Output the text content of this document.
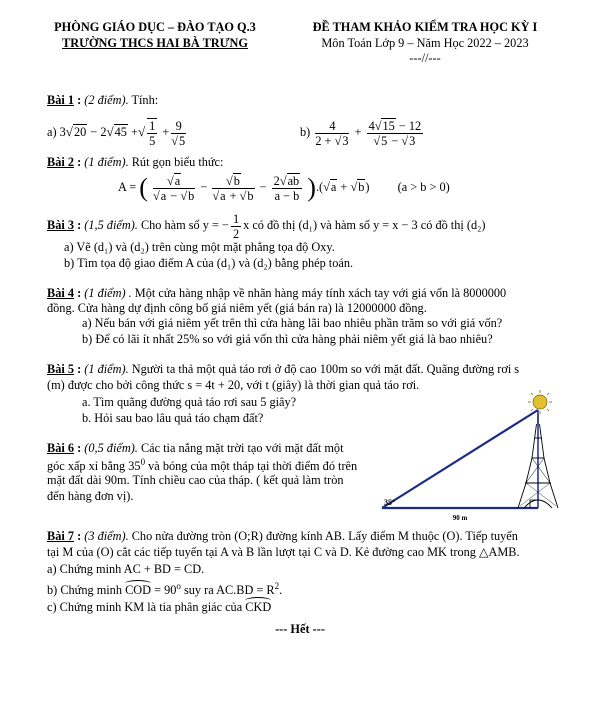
PHÒNG GIÁO DỤC – ĐÀO TẠO Q.3
TRƯỜNG THCS HAI BÀ TRƯNG
ĐỀ THAM KHẢO KIỂM TRA HỌC KỲ I
Môn Toán Lớp 9 – Năm Học 2022 – 2023
---//---
Bài 1 : (2 điểm). Tính:
a) 3√20 − 2√45 +√ $\frac{1}{5} + \frac{9}{√5}$	$b) \frac{4}{2 + √3} + \frac{4√15 - 12}{√5 - √3}$
Bài 2 : (1 điểm). Rút gọn biểu thức:
A = ( $\frac{√a}{√a - √b} - \frac{√b}{√a + √b} - \frac{2√ab}{a - b} ).(√a + √b)$  (a > b > 0)
Bài 3 : (1,5 điểm). Cho hàm số y = − $\frac{1}{2}$ x có đồ thị (d₁) và hàm số y = x − 3 có đồ thị (d₂)
a) Vẽ (d₁) và (d₂) trên cùng một mặt phẳng tọa độ Oxy.
b) Tìm tọa độ giao điểm A của (d₁) và (d₂) bằng phép toán.
Bài 4 : (1 điểm) . Một cửa hàng nhập về nhãn hàng máy tính xách tay với giá vốn là 8000000
đồng. Cửa hàng dự định công bố giá niêm yết (giá bán ra) là 12000000 đồng.
a) Nếu bán với giá niêm yết trên thì cửa hàng lãi bao nhiêu phần trăm so với giá vốn?
b) Để có lãi ít nhất 25% so với giá vốn thì cửa hàng phải niêm yết giá là bao nhiêu?
Bài 5 : (1 điểm). Người ta thả một quả táo rơi ở độ cao 100m so với mặt đất. Quãng đường rơi s
(m) được cho bởi công thức s = 4t + 20, với t (giây) là thời gian quả táo rơi.
a. Tìm quãng đường quả táo rơi sau 5 giây?
b. Hỏi sau bao lâu quả táo chạm đất?
Bài 6 : (0,5 điểm). Các tia nắng mặt trời tạo với mặt đất một
góc xấp xỉ bằng $35^0$ và bóng của một tháp tại thời điểm đó trên
mặt đất dài 90m. Tính chiều cao của tháp. ( kết quả làm tròn
đến hàng đơn vị).	35°
90 m
Bài 7 : (3 điểm). Cho nửa đường tròn (O;R) đường kính AB. Lấy điểm M thuộc (O). Tiếp tuyến
tại M của (O) cắt các tiếp tuyến tại A và B lần lượt tại C và D. Kẻ đường cao MK trong △AMB.
a) Chứng minh AC + BD = CD.
b) Chứng minh COD = $90^o$ suy ra $AC.BD = R^2$.
c) Chứng minh KM là tia phân giác của CKD
--- Hết ---
